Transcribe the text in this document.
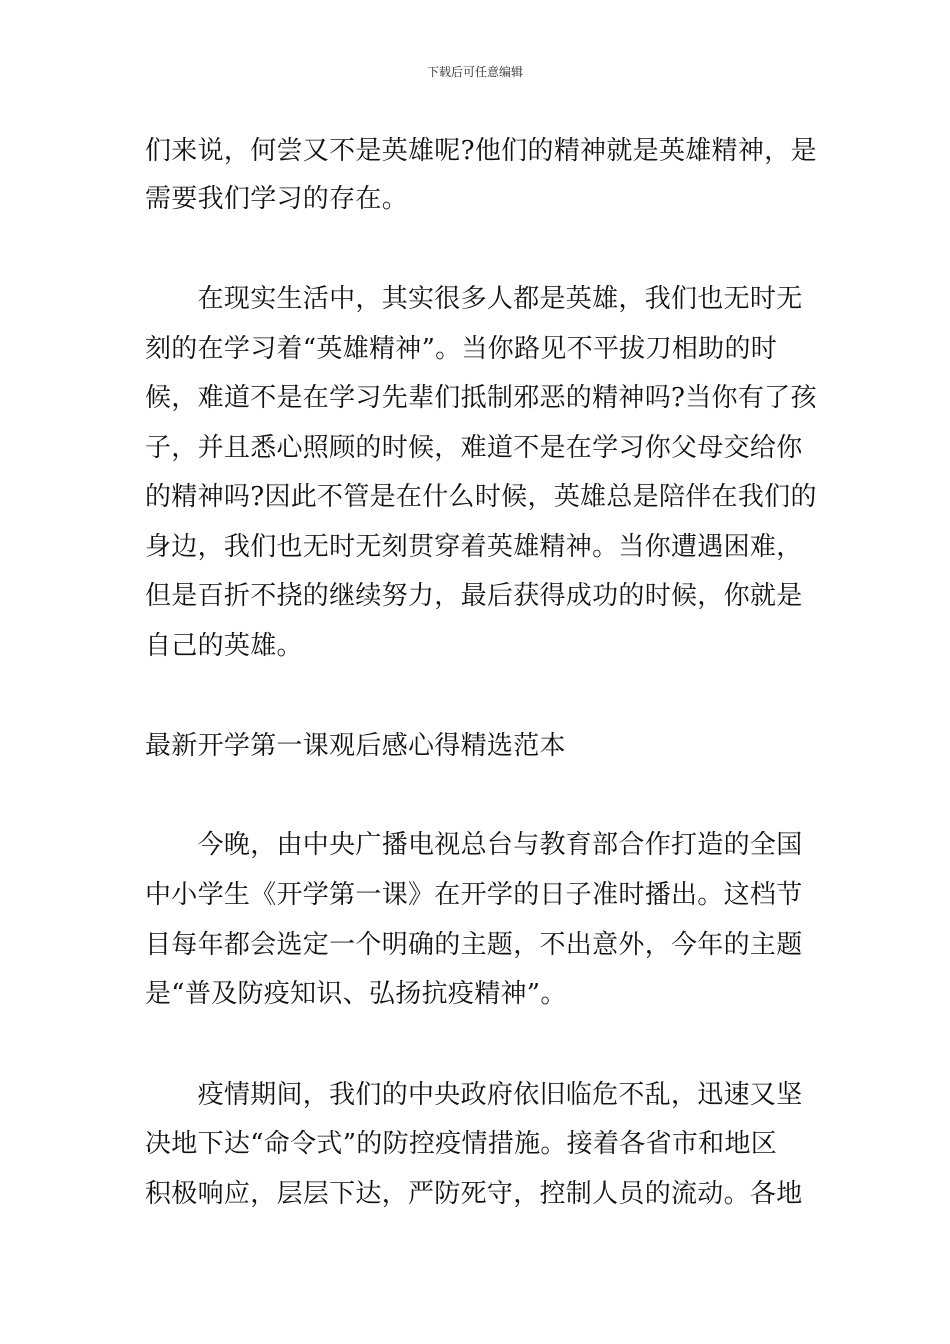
下载后可任意编辑
们来说，何尝又不是英雄呢?他们的精神就是英雄精神，是
需要我们学习的存在。
　　在现实生活中，其实很多人都是英雄，我们也无时无
刻的在学习着“英雄精神”。当你路见不平拔刀相助的时
候，难道不是在学习先辈们抵制邪恶的精神吗?当你有了孩
子，并且悉心照顾的时候，难道不是在学习你父母交给你
的精神吗?因此不管是在什么时候，英雄总是陪伴在我们的
身边，我们也无时无刻贯穿着英雄精神。当你遭遇困难，
但是百折不挠的继续努力，最后获得成功的时候，你就是
自己的英雄。
最新开学第一课观后感心得精选范本
　　今晚，由中央广播电视总台与教育部合作打造的全国
中小学生《开学第一课》在开学的日子准时播出。这档节
目每年都会选定一个明确的主题，不出意外，今年的主题
是“普及防疫知识、弘扬抗疫精神”。
　　疫情期间，我们的中央政府依旧临危不乱，迅速又坚
决地下达“命令式”的防控疫情措施。接着各省市和地区
积极响应，层层下达，严防死守，控制人员的流动。各地
